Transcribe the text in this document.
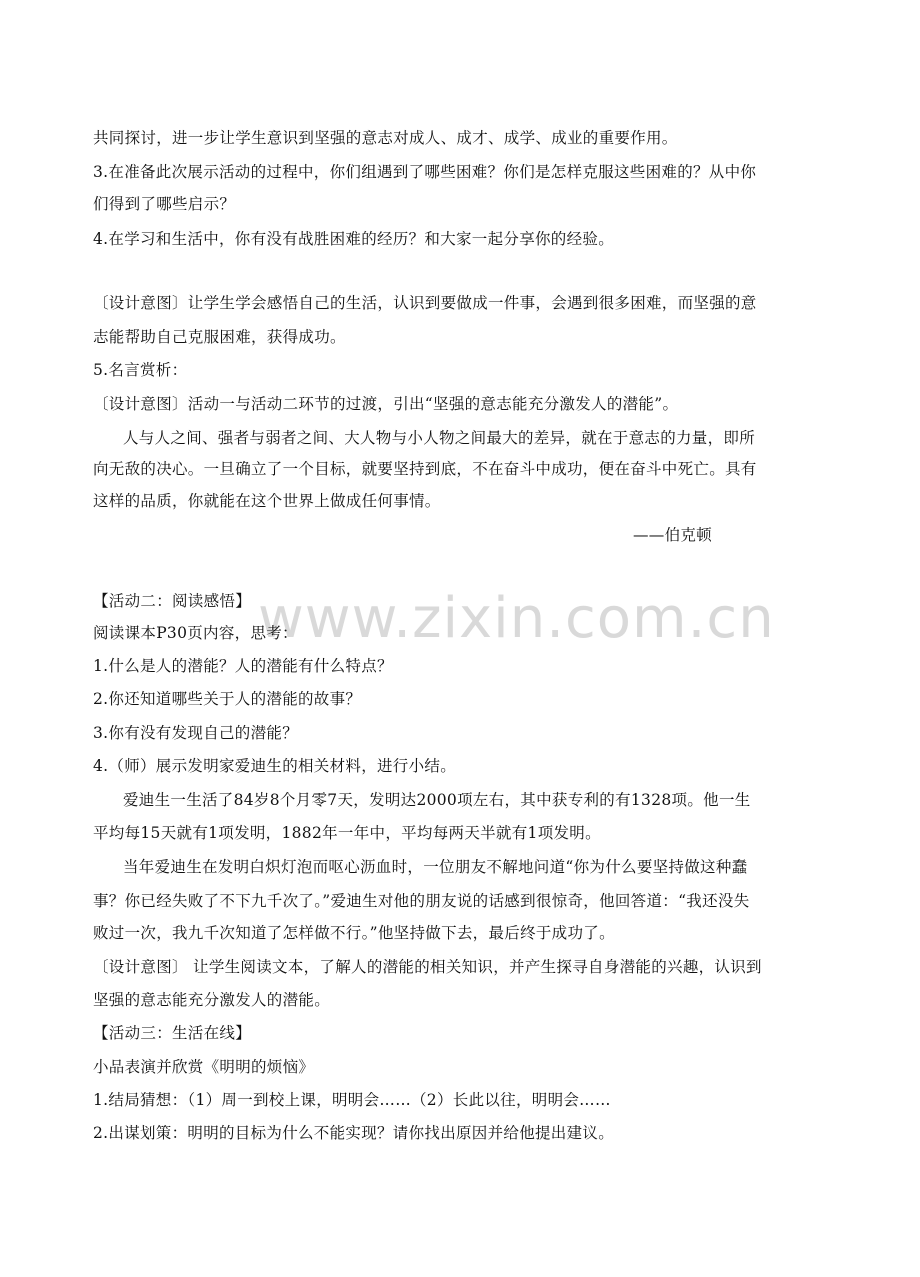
www.zixin.com.cn
共同探讨，进一步让学生意识到坚强的意志对成人、成才、成学、成业的重要作用。
3.在准备此次展示活动的过程中，你们组遇到了哪些困难？你们是怎样克服这些困难的？从中你
们得到了哪些启示？
4.在学习和生活中，你有没有战胜困难的经历？和大家一起分享你的经验。
〔设计意图〕让学生学会感悟自己的生活，认识到要做成一件事，会遇到很多困难，而坚强的意
志能帮助自己克服困难，获得成功。
5.名言赏析：
〔设计意图〕活动一与活动二环节的过渡，引出“坚强的意志能充分激发人的潜能”。
人与人之间、强者与弱者之间、大人物与小人物之间最大的差异，就在于意志的力量，即所
向无敌的决心。一旦确立了一个目标，就要坚持到底，不在奋斗中成功，便在奋斗中死亡。具有
这样的品质，你就能在这个世界上做成任何事情。
——伯克顿
【活动二：阅读感悟】
阅读课本P30页内容，思考：
1.什么是人的潜能？人的潜能有什么特点？
2.你还知道哪些关于人的潜能的故事？
3.你有没有发现自己的潜能？
4.（师）展示发明家爱迪生的相关材料，进行小结。
爱迪生一生活了84岁8个月零7天，发明达2000项左右，其中获专利的有1328项。他一生
平均每15天就有1项发明，1882年一年中，平均每两天半就有1项发明。
当年爱迪生在发明白炽灯泡而呕心沥血时，一位朋友不解地问道“你为什么要坚持做这种蠢
事？你已经失败了不下九千次了。”爱迪生对他的朋友说的话感到很惊奇，他回答道：“我还没失
败过一次，我九千次知道了怎样做不行。”他坚持做下去，最后终于成功了。
〔设计意图〕 让学生阅读文本，了解人的潜能的相关知识，并产生探寻自身潜能的兴趣，认识到
坚强的意志能充分激发人的潜能。
【活动三：生活在线】
小品表演并欣赏《明明的烦恼》
1.结局猜想：（1）周一到校上课，明明会……（2）长此以往，明明会……
2.出谋划策：明明的目标为什么不能实现？请你找出原因并给他提出建议。
